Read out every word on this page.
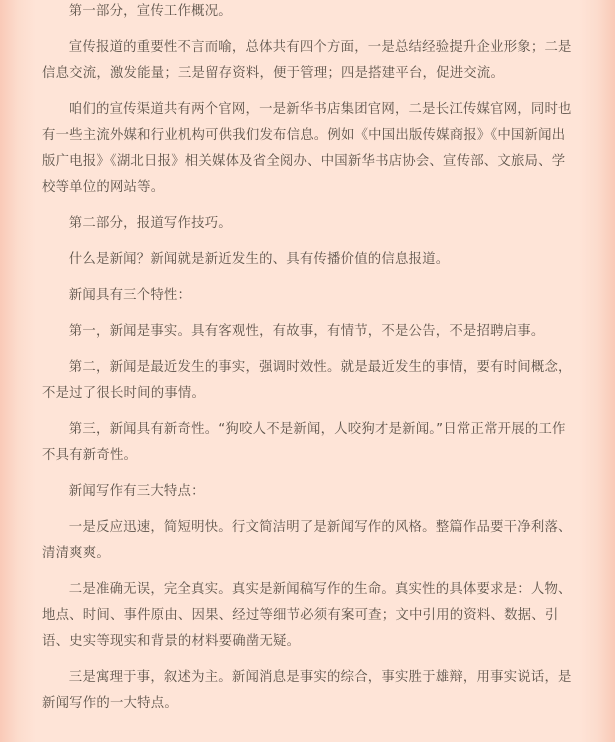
第一部分，宣传工作概况。

宣传报道的重要性不言而喻，总体共有四个方面，一是总结经验提升企业形象；二是信息交流，激发能量；三是留存资料，便于管理；四是搭建平台，促进交流。

咱们的宣传渠道共有两个官网，一是新华书店集团官网，二是长江传媒官网，同时也有一些主流外媒和行业机构可供我们发布信息。例如《中国出版传媒商报》《中国新闻出版广电报》《湖北日报》相关媒体及省全阅办、中国新华书店协会、宣传部、文旅局、学校等单位的网站等。

第二部分，报道写作技巧。

什么是新闻？新闻就是新近发生的、具有传播价值的信息报道。

新闻具有三个特性：

第一，新闻是事实。具有客观性，有故事，有情节，不是公告，不是招聘启事。

第二，新闻是最近发生的事实，强调时效性。就是最近发生的事情，要有时间概念，不是过了很长时间的事情。

第三，新闻具有新奇性。“狗咬人不是新闻，人咬狗才是新闻。”日常正常开展的工作不具有新奇性。

新闻写作有三大特点：

一是反应迅速，简短明快。行文简洁明了是新闻写作的风格。整篇作品要干净利落、清清爽爽。

二是准确无误，完全真实。真实是新闻稿写作的生命。真实性的具体要求是：人物、地点、时间、事件原由、因果、经过等细节必须有案可查；文中引用的资料、数据、引语、史实等现实和背景的材料要确凿无疑。

三是寓理于事，叙述为主。新闻消息是事实的综合，事实胜于雄辩，用事实说话，是新闻写作的一大特点。
